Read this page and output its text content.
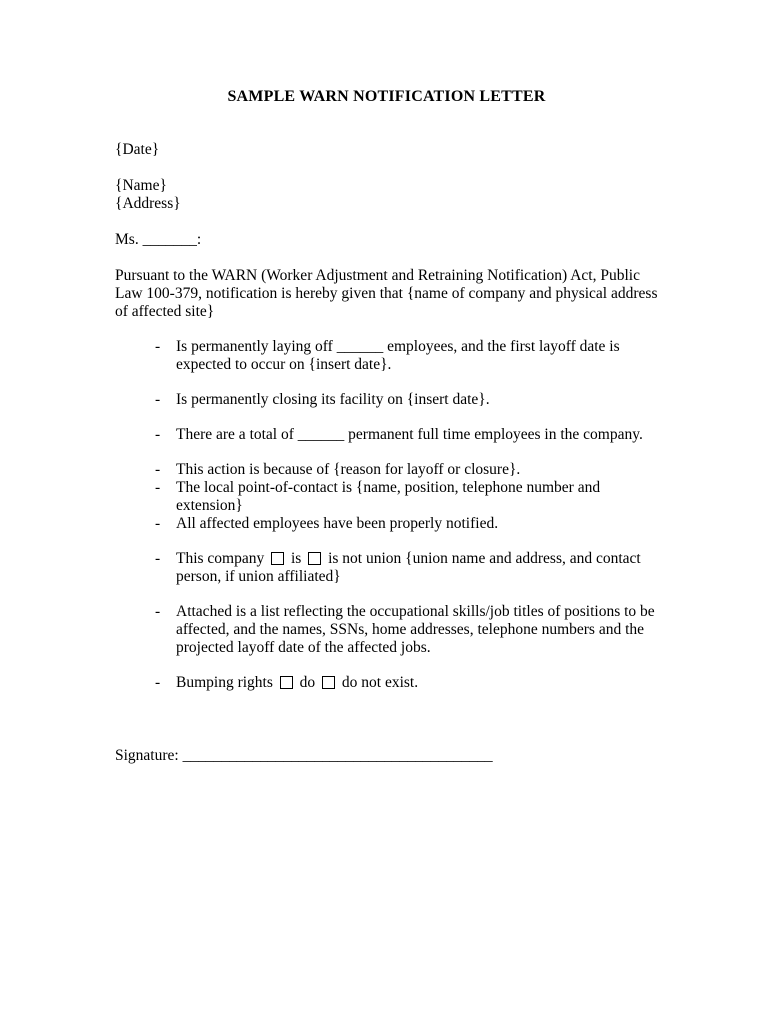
SAMPLE WARN NOTIFICATION LETTER
{Date}
{Name}
{Address}
Ms. _______:
Pursuant to the WARN (Worker Adjustment and Retraining Notification) Act, Public Law 100-379, notification is hereby given that {name of company and physical address of affected site}
-	Is permanently laying off ______ employees, and the first layoff date is expected to occur on {insert date}.
-	Is permanently closing its facility on {insert date}.
-	There are a total of ______ permanent full time employees in the company.
-	This action is because of {reason for layoff or closure}.
-	The local point-of-contact is {name, position, telephone number and extension}
-	All affected employees have been properly notified.
-	This company  is  is not union {union name and address, and contact person, if union affiliated}
-	Attached is a list reflecting the occupational skills/job titles of positions to be affected, and the names, SSNs, home addresses, telephone numbers and the projected layoff date of the affected jobs.
-	Bumping rights  do  do not exist.
Signature: ________________________________________
